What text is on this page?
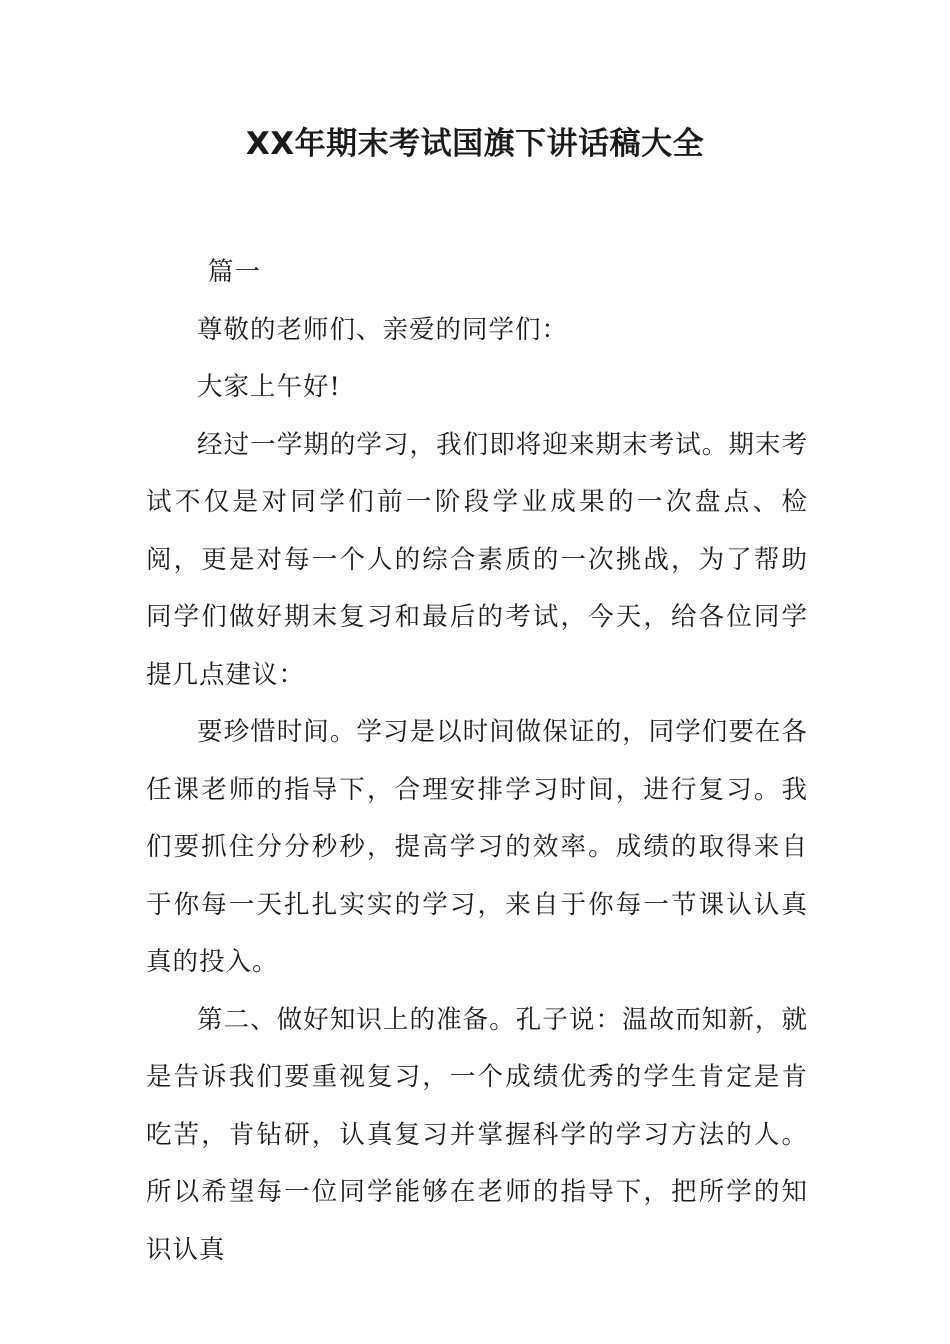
XX年期末考试国旗下讲话稿大全

篇一

尊敬的老师们、亲爱的同学们：

大家上午好!

经过一学期的学习，我们即将迎来期末考试。期末考试不仅是对同学们前一阶段学业成果的一次盘点、检阅，更是对每一个人的综合素质的一次挑战，为了帮助同学们做好期末复习和最后的考试，今天，给各位同学提几点建议：

要珍惜时间。学习是以时间做保证的，同学们要在各任课老师的指导下，合理安排学习时间，进行复习。我们要抓住分分秒秒，提高学习的效率。成绩的取得来自于你每一天扎扎实实的学习，来自于你每一节课认认真真的投入。

第二、做好知识上的准备。孔子说：温故而知新，就是告诉我们要重视复习，一个成绩优秀的学生肯定是肯吃苦，肯钻研，认真复习并掌握科学的学习方法的人。所以希望每一位同学能够在老师的指导下，把所学的知识认真
